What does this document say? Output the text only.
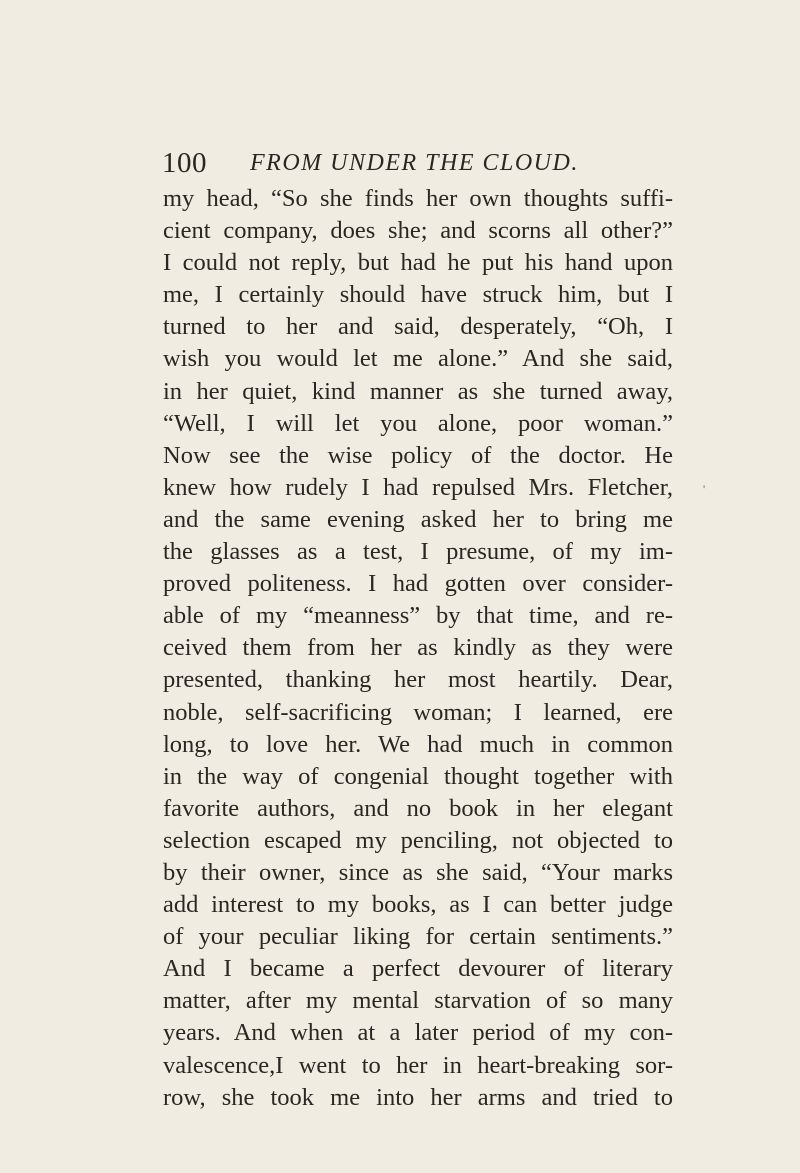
100 FROM UNDER THE CLOUD.
'
my head, “So she finds her own thoughts suffi-
cient company, does she; and scorns all other?”
I could not reply, but had he put his hand upon
me, I certainly should have struck him, but I
turned to her and said, desperately, “Oh, I
wish you would let me alone.” And she said,
in her quiet, kind manner as she turned away,
“Well, I will let you alone, poor woman.”
Now see the wise policy of the doctor. He
knew how rudely I had repulsed Mrs. Fletcher,
and the same evening asked her to bring me
the glasses as a test, I presume, of my im-
proved politeness. I had gotten over consider-
able of my “meanness” by that time, and re-
ceived them from her as kindly as they were
presented, thanking her most heartily. Dear,
noble, self-sacrificing woman; I learned, ere
long, to love her. We had much in common
in the way of congenial thought together with
favorite authors, and no book in her elegant
selection escaped my penciling, not objected to
by their owner, since as she said, “Your marks
add interest to my books, as I can better judge
of your peculiar liking for certain sentiments.”
And I became a perfect devourer of literary
matter, after my mental starvation of so many
years. And when at a later period of my con-
valescence,I went to her in heart-breaking sor-
row, she took me into her arms and tried to
